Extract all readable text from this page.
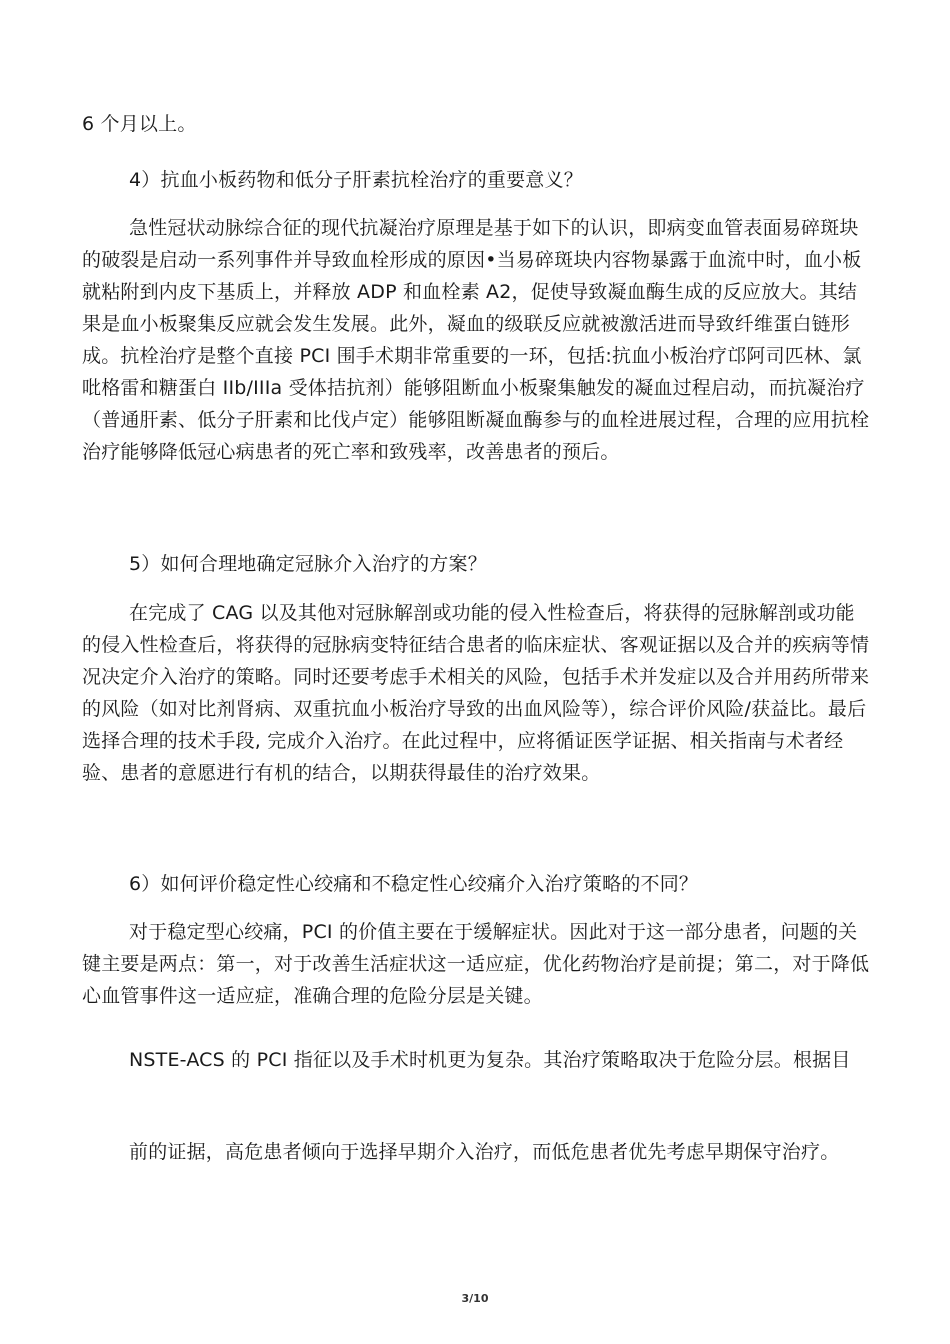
6 个月以上。

4）抗血小板药物和低分子肝素抗栓治疗的重要意义？

急性冠状动脉综合征的现代抗凝治疗原理是基于如下的认识，即病变血管表面易碎斑块的破裂是启动一系列事件并导致血栓形成的原因•当易碎斑块内容物暴露于血流中时，血小板就粘附到内皮下基质上，并释放 ADP 和血栓素 A2，促使导致凝血酶生成的反应放大。其结果是血小板聚集反应就会发生发展。此外，凝血的级联反应就被激活进而导致纤维蛋白链形成。抗栓治疗是整个直接 PCI 围手术期非常重要的一环，包括:抗血小板治疗邙阿司匹林、氯吡格雷和糖蛋白 IIb/IIIa 受体拮抗剂）能够阻断血小板聚集触发的凝血过程启动，而抗凝治疗（普通肝素、低分子肝素和比伐卢定）能够阻断凝血酶参与的血栓进展过程，合理的应用抗栓治疗能够降低冠心病患者的死亡率和致残率，改善患者的预后。

5）如何合理地确定冠脉介入治疗的方案？

在完成了 CAG 以及其他对冠脉解剖或功能的侵入性检查后，将获得的冠脉解剖或功能的侵入性检查后，将获得的冠脉病变特征结合患者的临床症状、客观证据以及合并的疾病等情况决定介入治疗的策略。同时还要考虑手术相关的风险，包括手术并发症以及合并用药所带来的风险（如对比剂肾病、双重抗血小板治疗导致的出血风险等），综合评价风险/获益比。最后选择合理的技术手段, 完成介入治疗。在此过程中，应将循证医学证据、相关指南与术者经验、患者的意愿进行有机的结合，以期获得最佳的治疗效果。

6）如何评价稳定性心绞痛和不稳定性心绞痛介入治疗策略的不同？

对于稳定型心绞痛，PCI 的价值主要在于缓解症状。因此对于这一部分患者，问题的关键主要是两点：第一，对于改善生活症状这一适应症，优化药物治疗是前提；第二，对于降低心血管事件这一适应症，准确合理的危险分层是关键。

NSTE-ACS 的 PCI 指征以及手术时机更为复杂。其治疗策略取决于危险分层。根据目

前的证据，高危患者倾向于选择早期介入治疗，而低危患者优先考虑早期保守治疗。

3/10
